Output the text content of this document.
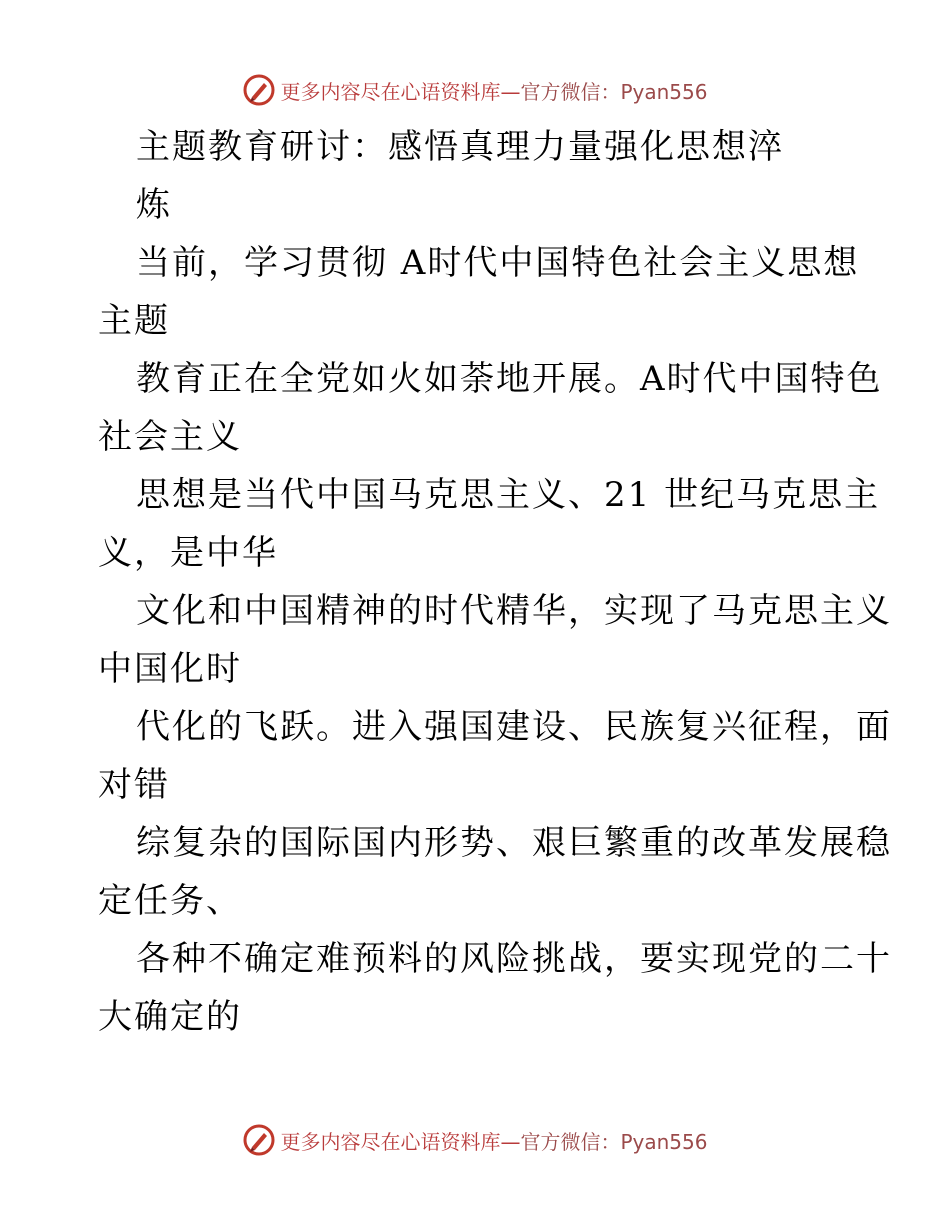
更多内容尽在心语资料库—官方微信：Pyan556
主题教育研讨：感悟真理力量强化思想淬
炼
当前，学习贯彻 A时代中国特色社会主义思想
主题
教育正在全党如火如荼地开展。A时代中国特色
社会主义
思想是当代中国马克思主义、21 世纪马克思主
义，是中华
文化和中国精神的时代精华，实现了马克思主义
中国化时
代化的飞跃。进入强国建设、民族复兴征程，面
对错
综复杂的国际国内形势、艰巨繁重的改革发展稳
定任务、
各种不确定难预料的风险挑战，要实现党的二十
大确定的
更多内容尽在心语资料库—官方微信：Pyan556
